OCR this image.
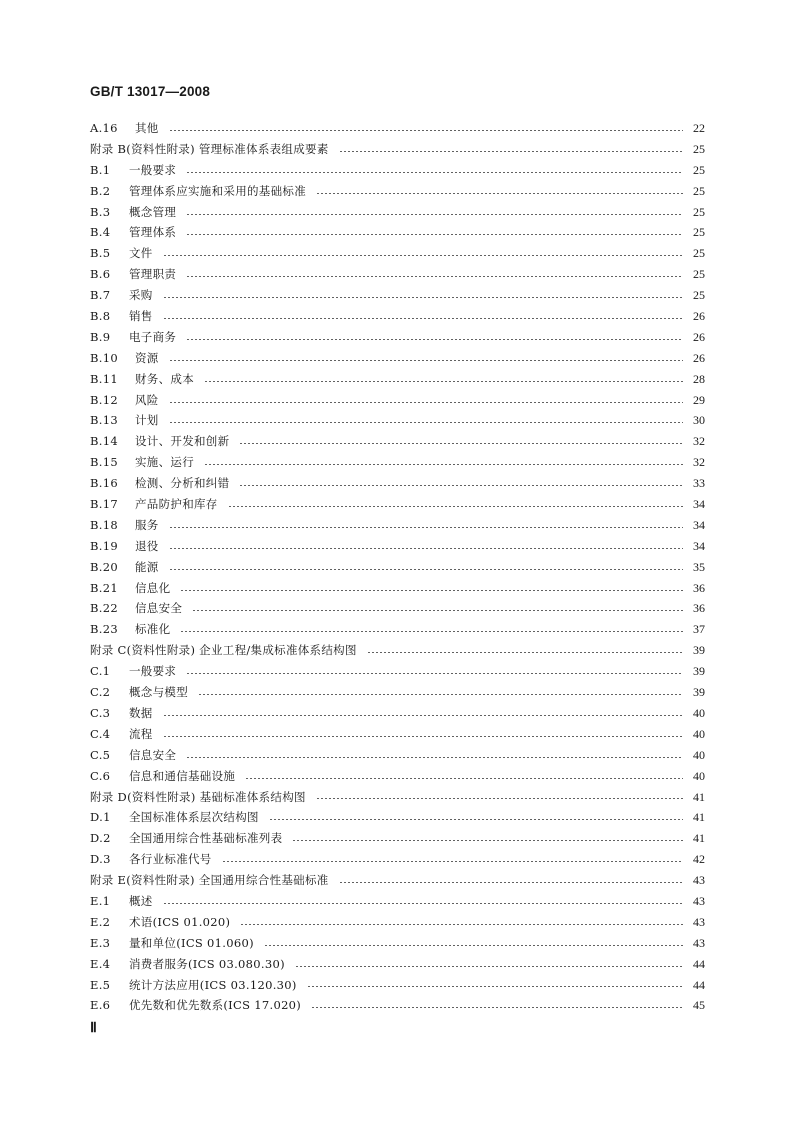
GB/T 13017—2008
A.16 其他	22
附录 B(资料性附录) 管理标准体系表组成要素	25
B.1 一般要求	25
B.2 管理体系应实施和采用的基础标准	25
B.3 概念管理	25
B.4 管理体系	25
B.5 文件	25
B.6 管理职责	25
B.7 采购	25
B.8 销售	26
B.9 电子商务	26
B.10 资源	26
B.11 财务、成本	28
B.12 风险	29
B.13 计划	30
B.14 设计、开发和创新	32
B.15 实施、运行	32
B.16 检测、分析和纠错	33
B.17 产品防护和库存	34
B.18 服务	34
B.19 退役	34
B.20 能源	35
B.21 信息化	36
B.22 信息安全	36
B.23 标准化	37
附录 C(资料性附录) 企业工程/集成标准体系结构图	39
C.1 一般要求	39
C.2 概念与模型	39
C.3 数据	40
C.4 流程	40
C.5 信息安全	40
C.6 信息和通信基础设施	40
附录 D(资料性附录) 基础标准体系结构图	41
D.1 全国标准体系层次结构图	41
D.2 全国通用综合性基础标准列表	41
D.3 各行业标准代号	42
附录 E(资料性附录) 全国通用综合性基础标准	43
E.1 概述	43
E.2 术语(ICS 01.020)	43
E.3 量和单位(ICS 01.060)	43
E.4 消费者服务(ICS 03.080.30)	44
E.5 统计方法应用(ICS 03.120.30)	44
E.6 优先数和优先数系(ICS 17.020)	45
Ⅱ
